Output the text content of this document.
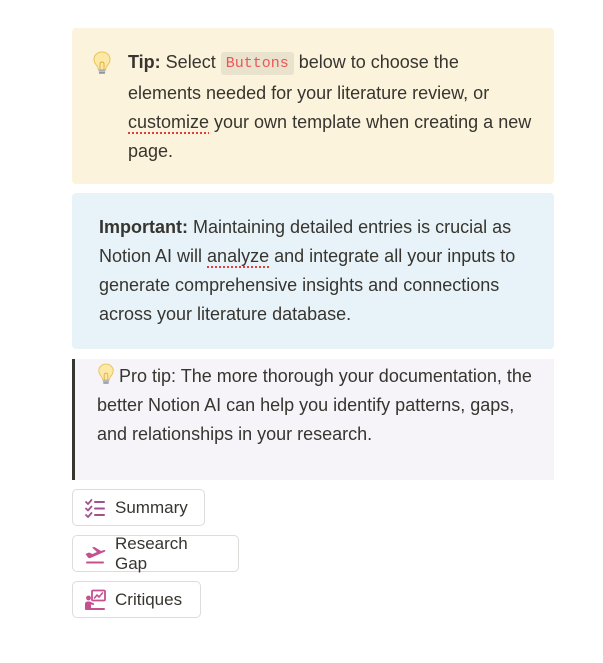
Tip: Select Buttons below to choose the elements needed for your literature review, or customize your own template when creating a new page.
Important: Maintaining detailed entries is crucial as Notion AI will analyze and integrate all your inputs to generate comprehensive insights and connections across your literature database.
Pro tip: The more thorough your documentation, the better Notion AI can help you identify patterns, gaps, and relationships in your research.
Summary
Research Gap
Critiques
